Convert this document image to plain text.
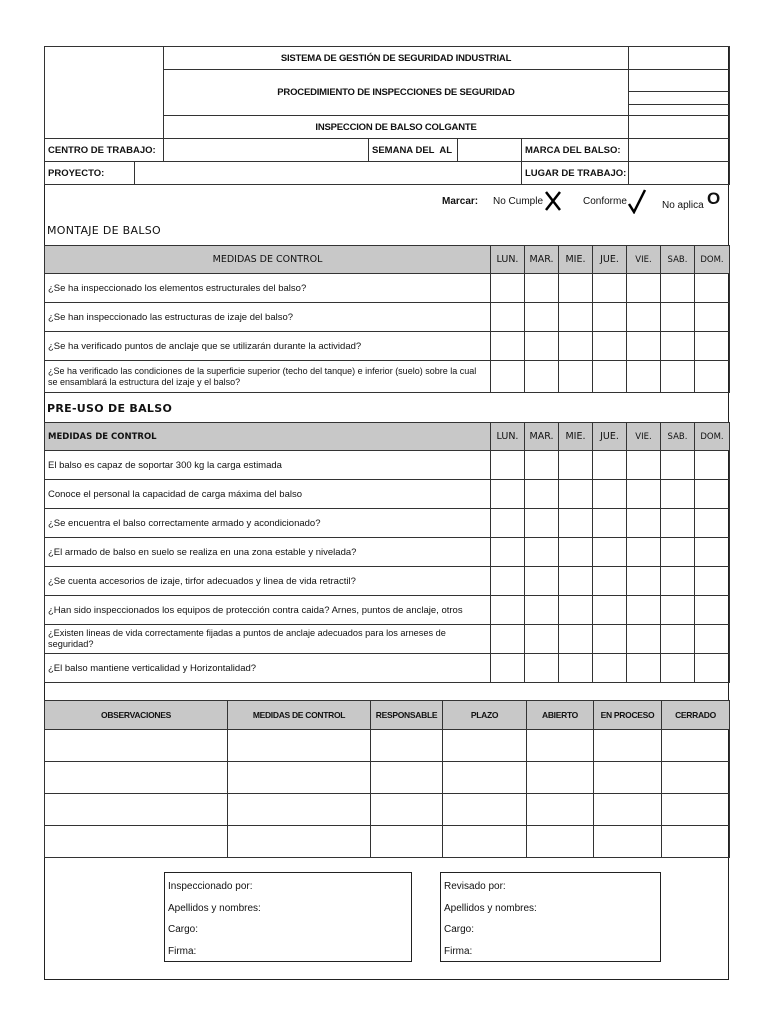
		SISTEMA DE GESTIÓN DE SEGURIDAD INDUSTRIAL				
		PROCEDIMIENTO DE INSPECCIONES DE SEGURIDAD				

		INSPECCION DE BALSO COLGANTE				
CENTRO DE TRABAJO:			SEMANA DEL AL		MARCA DEL BALSO:	
PROYECTO:					LUGAR DE TRABAJO:	
Marcar: No Cumple	Conforme	No aplica O
MONTAJE DE BALSO
MEDIDAS DE CONTROL	LUN.	MAR.	MIE.	JUE.	VIE.	SAB.	DOM.
¿Se ha inspeccionado los elementos estructurales del balso?							
¿Se han inspeccionado las estructuras de izaje del balso?							
¿Se ha verificado puntos de anclaje que se utilizarán durante la actividad?							
¿Se ha verificado las condiciones de la superficie superior (techo del tanque) e inferior (suelo) sobre la cual se ensamblará la estructura del izaje y el balso?							
PRE-USO DE BALSO
MEDIDAS DE CONTROL	LUN.	MAR.	MIE.	JUE.	VIE.	SAB.	DOM.
El balso es capaz de soportar 300 kg la carga estimada							
Conoce el personal la capacidad de carga máxima del balso							
¿Se encuentra el balso correctamente armado y acondicionado?							
¿El armado de balso en suelo se realiza en una zona estable y nivelada?							
¿Se cuenta accesorios de izaje, tirfor adecuados y linea de vida retractil?							
¿Han sido inspeccionados los equipos de protección contra caida? Arnes, puntos de anclaje, otros							
¿Existen lineas de vida correctamente fijadas a puntos de anclaje adecuados para los arneses de seguridad?							
¿El balso mantiene verticalidad y Horizontalidad?							
OBSERVACIONES	MEDIDAS DE CONTROL	RESPONSABLE	PLAZO	ABIERTO	EN PROCESO	CERRADO

Inspeccionado por:
Apellidos y nombres:
Cargo:
Firma:
Revisado por:
Apellidos y nombres:
Cargo:
Firma:
